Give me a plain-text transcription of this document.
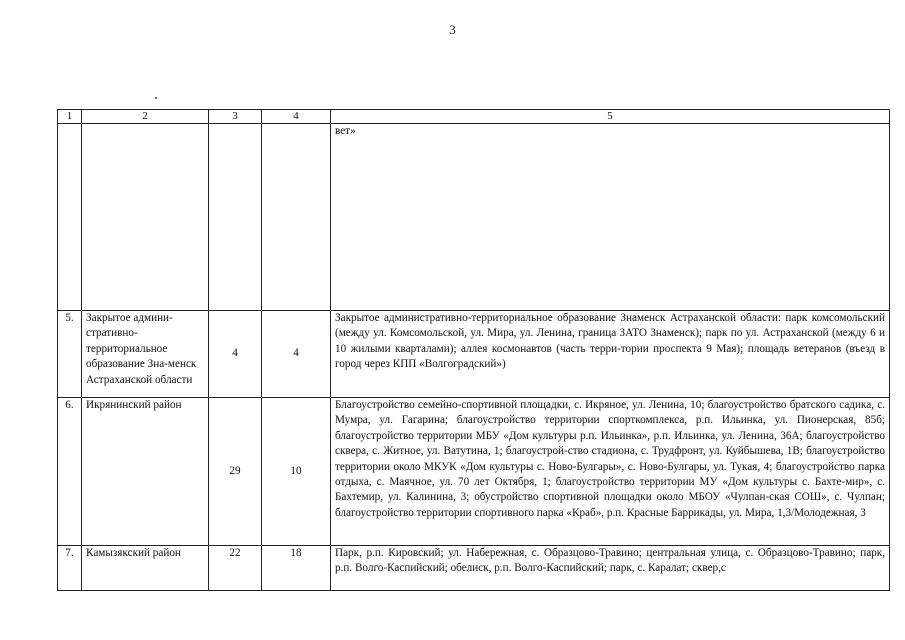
3
1	2	3	4	5
				вет»
5.	Закрытое админи-стративно-территориальное образование Зна-менск Астраханской области	4	4	Закрытое административно-территориальное образование Знаменск Астраханской области: парк комсомольский (между ул. Комсомольской, ул. Мира, ул. Ленина, граница ЗАТО Знаменск); парк по ул. Астраханской (между 6 и 10 жилыми кварталами); аллея космонавтов (часть терри-тории проспекта 9 Мая); площадь ветеранов (въезд в город через КПП «Волгоградский»)
6.	Икрянинский район	29	10	Благоустройство семейно-спортивной площадки, с. Икряное, ул. Ленина, 10; благоустройство братского садика, с. Мумра, ул. Гагарина; благоустройство территории спорткомплекса, р.п. Ильинка, ул. Пионерская, 85б; благоустройство территории МБУ «Дом культуры р.п. Ильинка», р.п. Ильинка, ул. Ленина, 36А; благоустройство сквера, с. Житное, ул. Ватутина, 1; благоустрой-ство стадиона, с. Трудфронт, ул. Куйбышева, 1В; благоустройство территории около МКУК «Дом культуры с. Ново-Булгары», с. Ново-Булгары, ул. Тукая, 4; благоустройство парка отдыха, с. Маячное, ул. 70 лет Октября, 1; благоустройство территории МУ «Дом культуры с. Бахте-мир», с. Бахтемир, ул. Калинина, 3; обустройство спортивной площадки около МБОУ «Чулпан-ская СОШ», с. Чулпан; благоустройство территории спортивного парка «Краб», р.п. Красные Баррикады, ул. Мира, 1,3/Молодежная, 3
7.	Камызякский район	22	18	Парк, р.п. Кировский; ул. Набережная, с. Образцово-Травино; центральная улица, с. Образцово-Травино; парк, р.п. Волго-Каспийский; обелиск, р.п. Волго-Каспийский; парк, с. Каралат; сквер,с
